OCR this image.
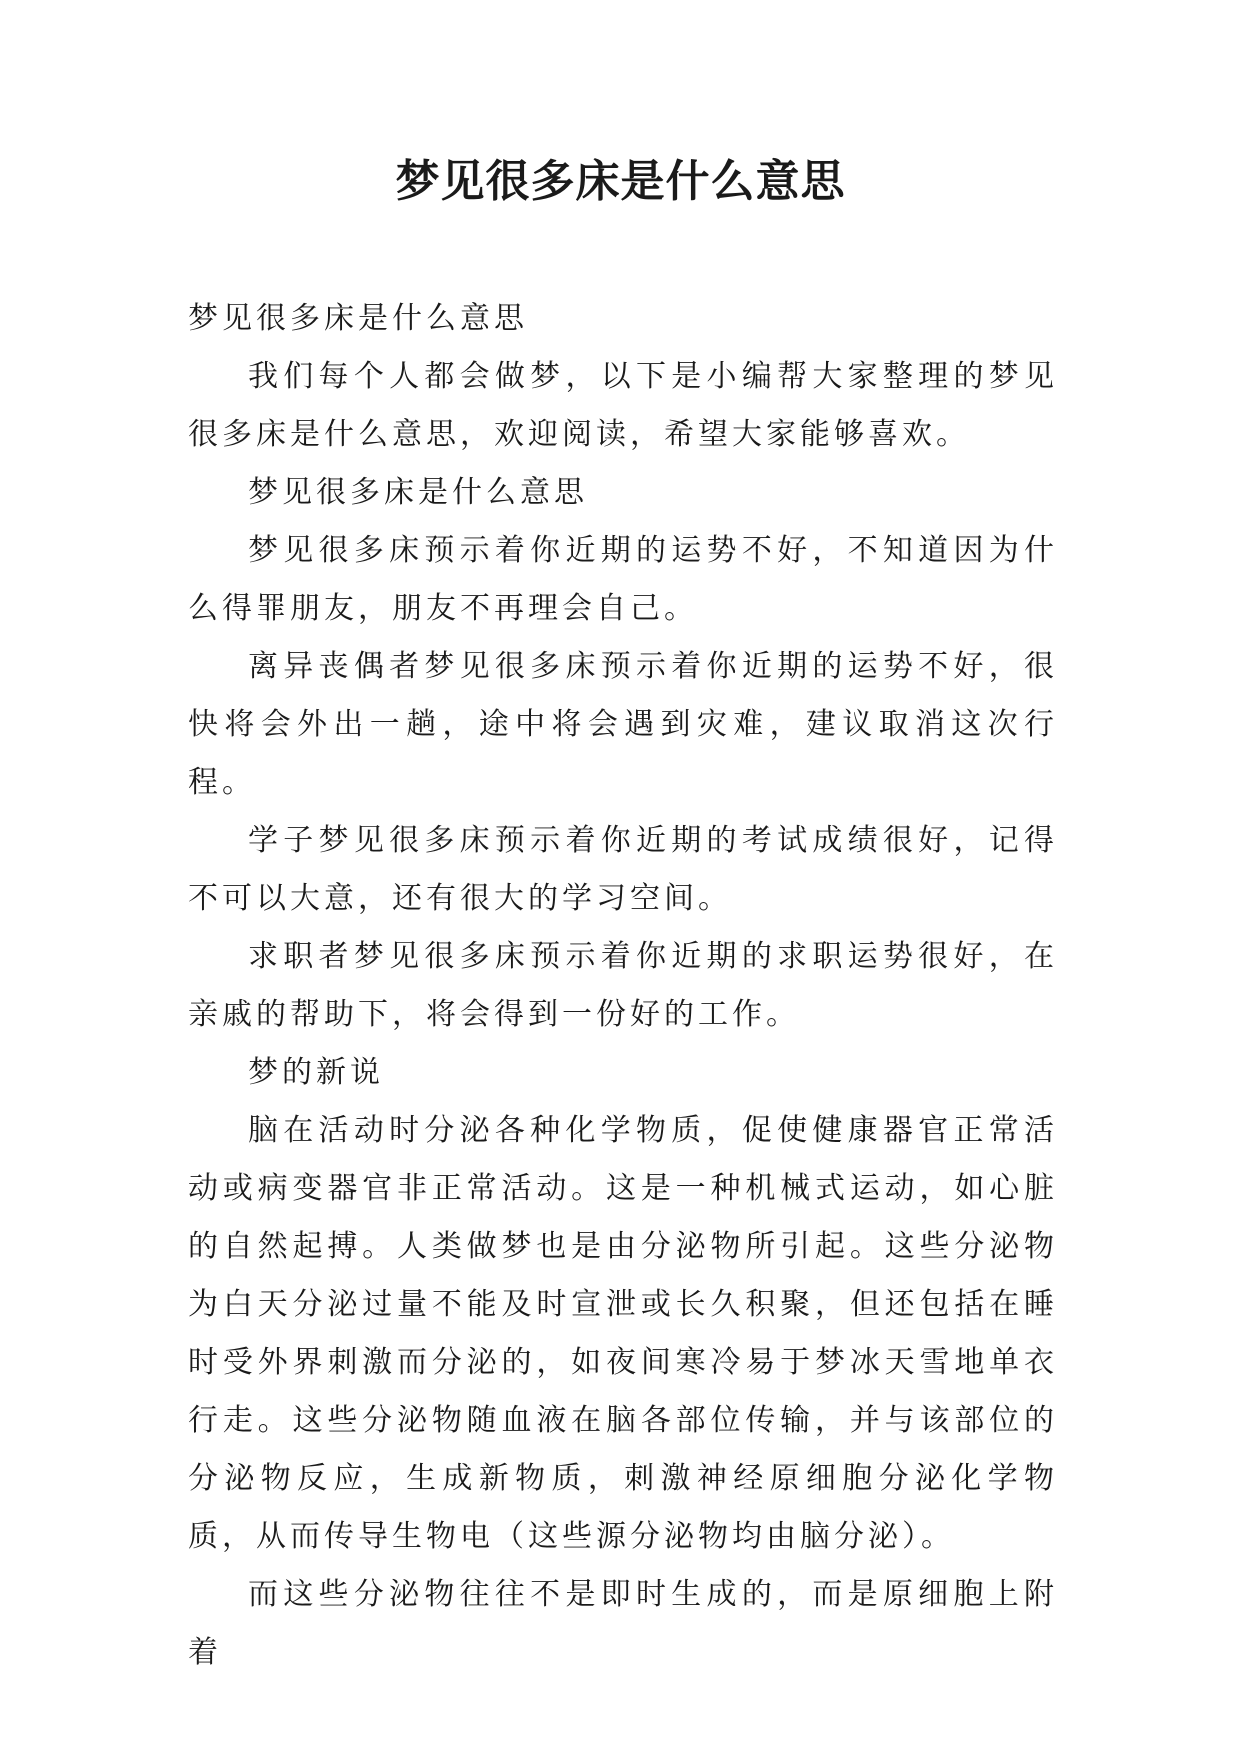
梦见很多床是什么意思

梦见很多床是什么意思

我们每个人都会做梦，以下是小编帮大家整理的梦见很多床是什么意思，欢迎阅读，希望大家能够喜欢。

梦见很多床是什么意思

梦见很多床预示着你近期的运势不好，不知道因为什么得罪朋友，朋友不再理会自己。

离异丧偶者梦见很多床预示着你近期的运势不好，很快将会外出一趟，途中将会遇到灾难，建议取消这次行程。

学子梦见很多床预示着你近期的考试成绩很好，记得不可以大意，还有很大的学习空间。

求职者梦见很多床预示着你近期的求职运势很好，在亲戚的帮助下，将会得到一份好的工作。

梦的新说

脑在活动时分泌各种化学物质，促使健康器官正常活动或病变器官非正常活动。这是一种机械式运动，如心脏的自然起搏。人类做梦也是由分泌物所引起。这些分泌物为白天分泌过量不能及时宣泄或长久积聚，但还包括在睡时受外界刺激而分泌的，如夜间寒冷易于梦冰天雪地单衣行走。这些分泌物随血液在脑各部位传输，并与该部位的分泌物反应，生成新物质，刺激神经原细胞分泌化学物质，从而传导生物电（这些源分泌物均由脑分泌）。

而这些分泌物往往不是即时生成的，而是原细胞上附着
